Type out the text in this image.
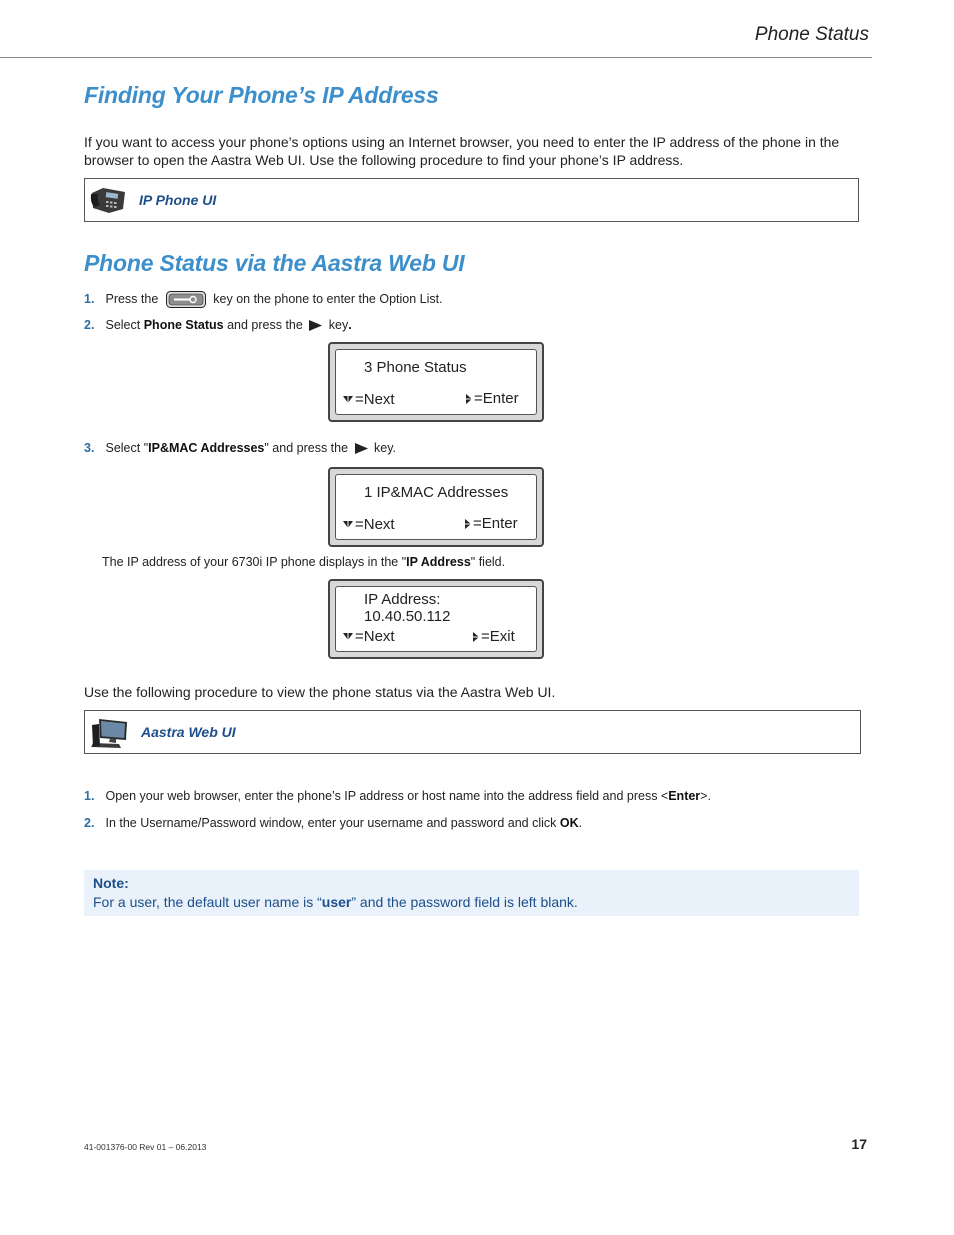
Phone Status
Finding Your Phone’s IP Address
If you want to access your phone’s options using an Internet browser, you need to enter the IP address of the phone in the
browser to open the Aastra Web UI. Use the following procedure to find your phone’s IP address.
IP Phone UI
Phone Status via the Aastra Web UI
1. Press the	key on the phone to enter the Option List.
2. Select Phone Status and press the key.
3 Phone Status
=Next	=Enter
3. Select "IP&MAC Addresses" and press the key.
1 IP&MAC Addresses
=Next	=Enter
The IP address of your 6730i IP phone displays in the "IP Address" field.
IP Address:
10.40.50.112
=Next	=Exit
Use the following procedure to view the phone status via the Aastra Web UI.
Aastra Web UI
1. Open your web browser, enter the phone’s IP address or host name into the address field and press <Enter>.
2. In the Username/Password window, enter your username and password and click OK.
Note:
For a user, the default user name is “user” and the password field is left blank.
41-001376-00 Rev 01 – 06.2013	17
